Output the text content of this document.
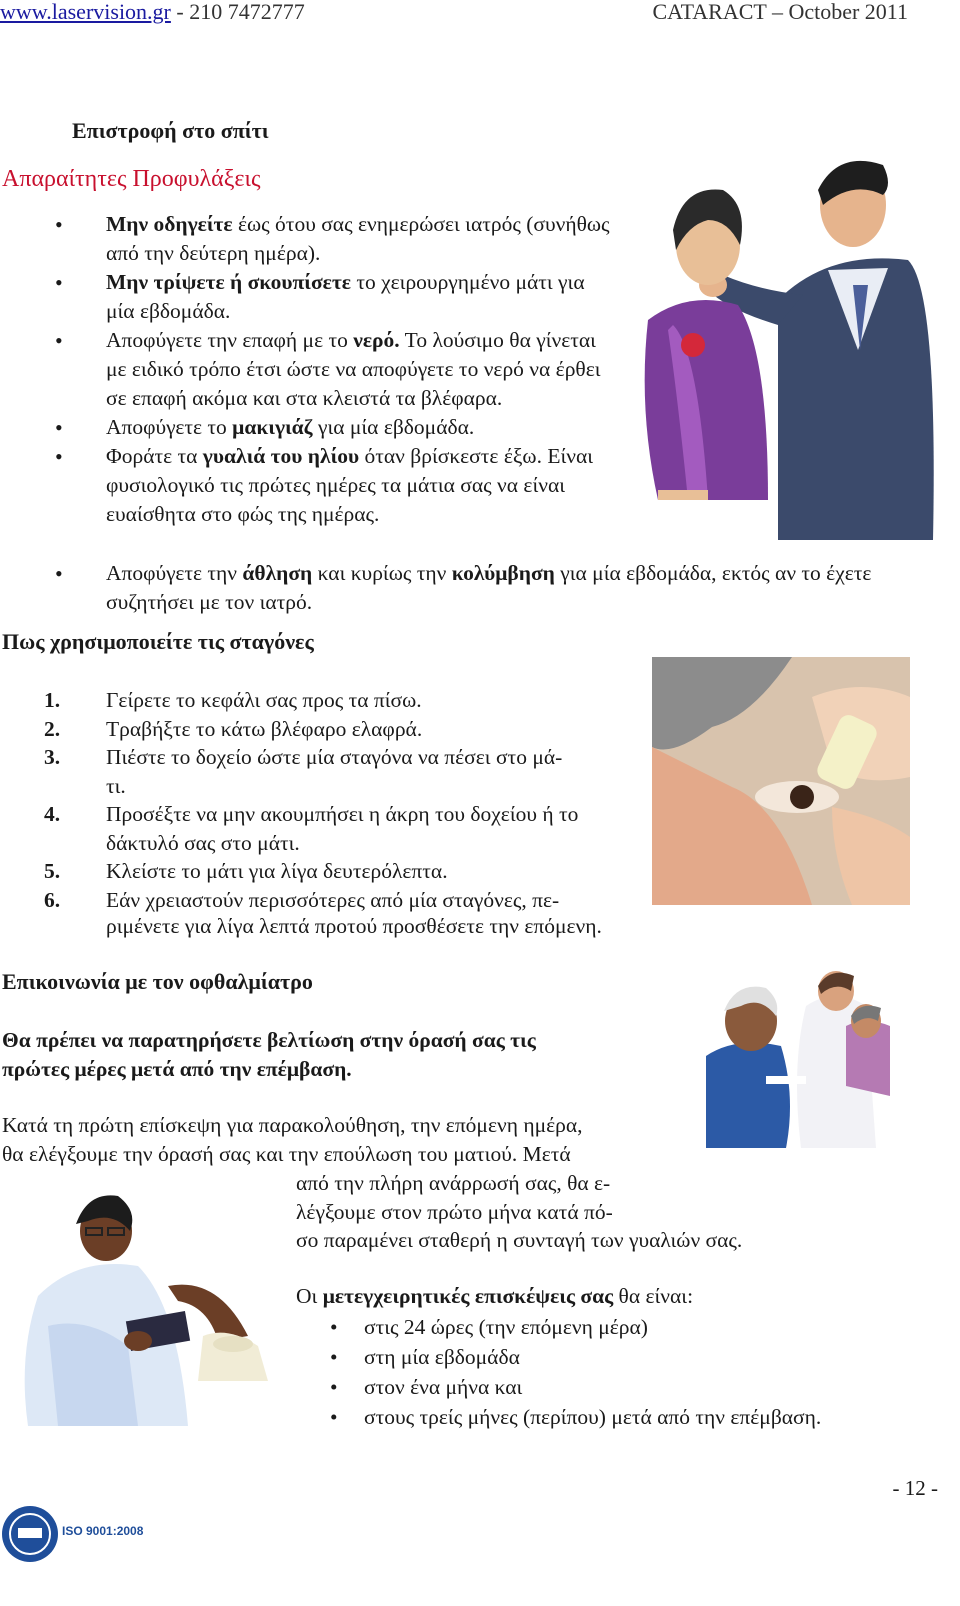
www.laservision.gr - 210 7472777	CATARACT – October 2011
Επιστροφή στο σπίτι
Απαραίτητες Προφυλάξεις
• Μην οδηγείτε έως ότου σας ενημερώσει ιατρός (συνήθως από την δεύτερη ημέρα).
• Μην τρίψετε ή σκουπίσετε το χειρουργημένο μάτι για μία εβδομάδα.
• Αποφύγετε την επαφή με το νερό. Το λούσιμο θα γίνεται με ειδικό τρόπο έτσι ώστε να αποφύγετε το νερό να έρθει σε επαφή ακόμα και στα κλειστά τα βλέφαρα.
• Αποφύγετε το μακιγιάζ για μία εβδομάδα.
• Φοράτε τα γυαλιά του ηλίου όταν βρίσκεστε έξω. Είναι φυσιολογικό τις πρώτες ημέρες τα μάτια σας να είναι ευαίσθητα στο φώς της ημέρας.
• Αποφύγετε την άθληση και κυρίως την κολύμβηση για μία εβδομάδα, εκτός αν το έχετε συζητήσει με τον ιατρό.
Πως χρησιμοποιείτε τις σταγόνες
1. Γείρετε το κεφάλι σας προς τα πίσω.
2. Τραβήξτε το κάτω βλέφαρο ελαφρά.
3. Πιέστε το δοχείο ώστε μία σταγόνα να πέσει στο μά-
τι.
4. Προσέξτε να μην ακουμπήσει η άκρη του δοχείου ή το δάκτυλό σας στο μάτι.
5. Κλείστε το μάτι για λίγα δευτερόλεπτα.
6. Εάν χρειαστούν περισσότερες από μία σταγόνες, πε-
ριμένετε για λίγα λεπτά προτού προσθέσετε την επόμενη.
Επικοινωνία με τον οφθαλμίατρο
Θα πρέπει να παρατηρήσετε βελτίωση στην όρασή σας τις
πρώτες μέρες μετά από την επέμβαση.
Κατά τη πρώτη επίσκεψη για παρακολούθηση, την επόμενη ημέρα,
θα ελέγξουμε την όρασή σας και την επούλωση του ματιού. Μετά
από την πλήρη ανάρρωσή σας, θα ε-
λέγξουμε στον πρώτο μήνα κατά πό-
σο παραμένει σταθερή η συνταγή των γυαλιών σας.
Οι μετεγχειρητικές επισκέψεις σας θα είναι:
• στις 24 ώρες (την επόμενη μέρα)
• στη μία εβδομάδα
• στον ένα μήνα και
• στους τρείς μήνες (περίπου) μετά από την επέμβαση.
- 12 -
ISO 9001:2008
